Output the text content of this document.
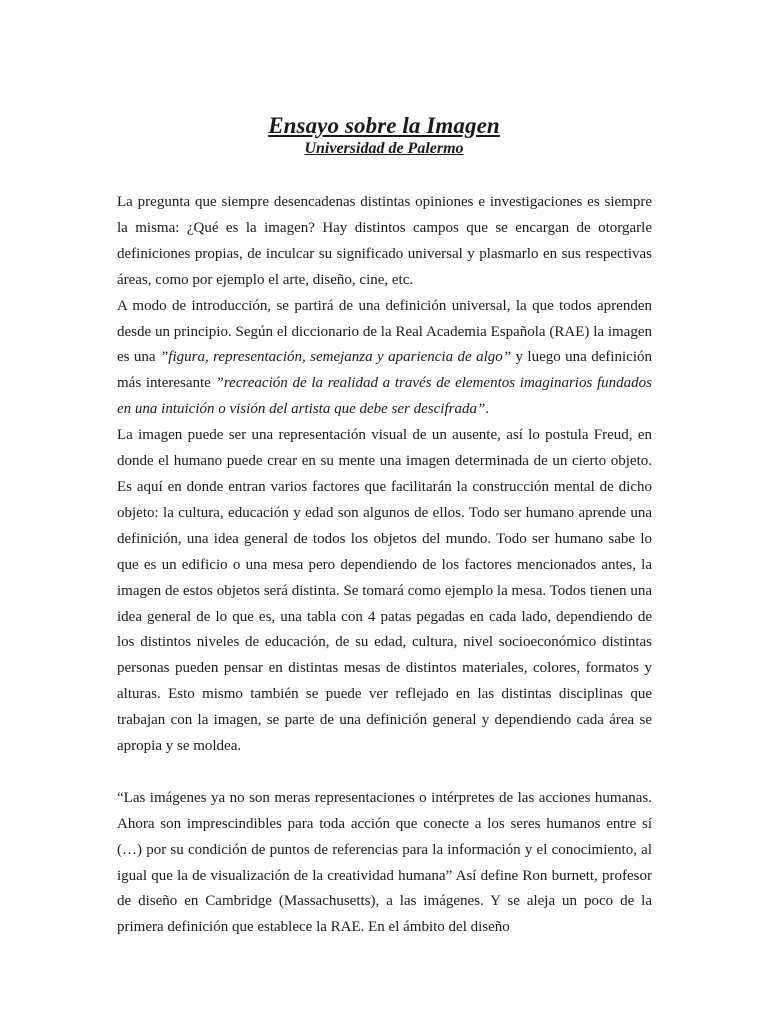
Ensayo sobre la Imagen
Universidad de Palermo

La pregunta que siempre desencadenas distintas opiniones e investigaciones es siempre la misma: ¿Qué es la imagen? Hay distintos campos que se encargan de otorgarle definiciones propias, de inculcar su significado universal y plasmarlo en sus respectivas áreas, como por ejemplo el arte, diseño, cine, etc.

A modo de introducción, se partirá de una definición universal, la que todos aprenden desde un principio. Según el diccionario de la Real Academia Española (RAE) la imagen es una ”figura, representación, semejanza y apariencia de algo” y luego una definición más interesante ”recreación de la realidad a través de elementos imaginarios fundados en una intuición o visión del artista que debe ser descifrada”.

La imagen puede ser una representación visual de un ausente, así lo postula Freud, en donde el humano puede crear en su mente una imagen determinada de un cierto objeto. Es aquí en donde entran varios factores que facilitarán la construcción mental de dicho objeto: la cultura, educación y edad son algunos de ellos. Todo ser humano aprende una definición, una idea general de todos los objetos del mundo. Todo ser humano sabe lo que es un edificio o una mesa pero dependiendo de los factores mencionados antes, la imagen de estos objetos será distinta. Se tomará como ejemplo la mesa. Todos tienen una idea general de lo que es, una tabla con 4 patas pegadas en cada lado, dependiendo de los distintos niveles de educación, de su edad, cultura, nivel socioeconómico distintas personas pueden pensar en distintas mesas de distintos materiales, colores, formatos y alturas. Esto mismo también se puede ver reflejado en las distintas disciplinas que trabajan con la imagen, se parte de una definición general y dependiendo cada área se apropia y se moldea.

“Las imágenes ya no son meras representaciones o intérpretes de las acciones humanas. Ahora son imprescindibles para toda acción que conecte a los seres humanos entre sí (…) por su condición de puntos de referencias para la información y el conocimiento, al igual que la de visualización de la creatividad humana” Así define Ron burnett, profesor de diseño en Cambridge (Massachusetts), a las imágenes. Y se aleja un poco de la primera definición que establece la RAE. En el ámbito del diseño
